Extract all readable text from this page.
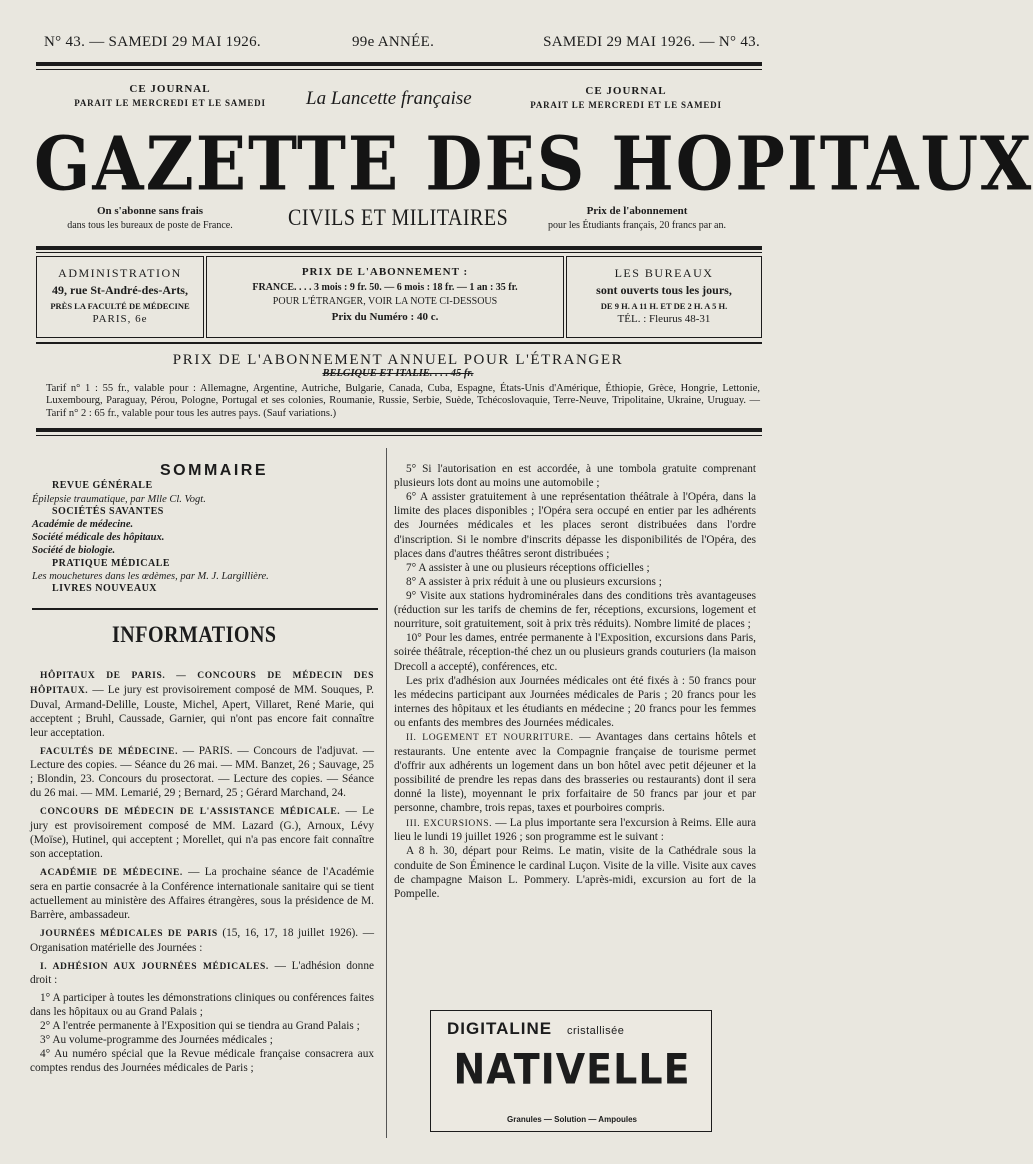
N° 43. — SAMEDI 29 MAI 1926.	99e ANNÉE.	SAMEDI 29 MAI 1926. — N° 43.
CE JOURNAL
PARAIT LE MERCREDI ET LE SAMEDI La Lancette française	CE JOURNAL
PARAIT LE MERCREDI ET LE SAMEDI
GAZETTE DES HOPITAUX
On s'abonne sans frais
dans tous les bureaux de poste de France.	CIVILS ET MILITAIRES	Prix de l'abonnement
pour les Étudiants français, 20 francs par an.
ADMINISTRATION
49, rue St-André-des-Arts,
PRÈS LA FACULTÉ DE MÉDECINE
PARIS, 6e
PRIX DE L'ABONNEMENT :
FRANCE. . . . 3 mois : 9 fr. 50. — 6 mois : 18 fr. — 1 an : 35 fr.
POUR L'ÉTRANGER, VOIR LA NOTE CI-DESSOUS
Prix du Numéro : 40 c.
LES BUREAUX
sont ouverts tous les jours,
DE 9 H. A 11 H. ET DE 2 H. A 5 H.
TÉL. : Fleurus 48-31
PRIX DE L'ABONNEMENT ANNUEL POUR L'ÉTRANGER
BELGIQUE ET ITALIE. . . . 45 fr.
Tarif n° 1 : 55 fr., valable pour : Allemagne, Argentine, Autriche, Bulgarie, Canada, Cuba, Espagne, États-Unis d'Amérique, Éthiopie, Grèce, Hongrie, Lettonie, Luxembourg, Paraguay, Pérou, Pologne, Portugal et ses colonies, Roumanie, Russie, Serbie, Suède, Tchécoslovaquie, Terre-Neuve, Tripolitaine, Ukraine, Uruguay. — Tarif n° 2 : 65 fr., valable pour tous les autres pays. (Sauf variations.)
SOMMAIRE
REVUE GÉNÉRALE
Épilepsie traumatique, par Mlle Cl. Vogt.
SOCIÉTÉS SAVANTES
Académie de médecine.
Société médicale des hôpitaux.
Société de biologie.
PRATIQUE MÉDICALE
Les mouchetures dans les œdèmes, par M. J. Largillière.
LIVRES NOUVEAUX
INFORMATIONS

HÔPITAUX DE PARIS. — CONCOURS DE MÉDECIN DES HÔPITAUX. — Le jury est provisoirement composé de MM. Souques, P. Duval, Armand-Delille, Louste, Michel, Apert, Villaret, René Marie, qui acceptent ; Bruhl, Caussade, Garnier, qui n'ont pas encore fait connaître leur acceptation.

FACULTÉS DE MÉDECINE. — PARIS. — Concours de l'adjuvat. — Lecture des copies. — Séance du 26 mai. — MM. Banzet, 26 ; Sauvage, 25 ; Blondin, 23. Concours du prosectorat. — Lecture des copies. — Séance du 26 mai. — MM. Lemarié, 29 ; Bernard, 25 ; Gérard Marchand, 24.

CONCOURS DE MÉDECIN DE L'ASSISTANCE MÉDICALE. — Le jury est provisoirement composé de MM. Lazard (G.), Arnoux, Lévy (Moïse), Hutinel, qui acceptent ; Morellet, qui n'a pas encore fait connaître son acceptation.

ACADÉMIE DE MÉDECINE. — La prochaine séance de l'Académie sera en partie consacrée à la Conférence internationale sanitaire qui se tient actuellement au ministère des Affaires étrangères, sous la présidence de M. Barrère, ambassadeur.

JOURNÉES MÉDICALES DE PARIS (15, 16, 17, 18 juillet 1926). — Organisation matérielle des Journées :

I. ADHÉSION AUX JOURNÉES MÉDICALES. — L'adhésion donne droit :

1° A participer à toutes les démonstrations cliniques ou conférences faites dans les hôpitaux ou au Grand Palais ;

2° A l'entrée permanente à l'Exposition qui se tiendra au Grand Palais ;

3° Au volume-programme des Journées médicales ;

4° Au numéro spécial que la Revue médicale française consacrera aux comptes rendus des Journées médicales de Paris ;

5° Si l'autorisation en est accordée, à une tombola gratuite comprenant plusieurs lots dont au moins une automobile ;

6° A assister gratuitement à une représentation théâtrale à l'Opéra, dans la limite des places disponibles ; l'Opéra sera occupé en entier par les adhérents des Journées médicales et les places seront distribuées dans l'ordre d'inscription. Si le nombre d'inscrits dépasse les disponibilités de l'Opéra, des places dans d'autres théâtres seront distribuées ;

7° A assister à une ou plusieurs réceptions officielles ;

8° A assister à prix réduit à une ou plusieurs excursions ;

9° Visite aux stations hydrominérales dans des conditions très avantageuses (réduction sur les tarifs de chemins de fer, réceptions, excursions, logement et nourriture, soit gratuitement, soit à prix très réduits). Nombre limité de places ;

10° Pour les dames, entrée permanente à l'Exposition, excursions dans Paris, soirée théâtrale, réception-thé chez un ou plusieurs grands couturiers (la maison Drecoll a accepté), conférences, etc.

Les prix d'adhésion aux Journées médicales ont été fixés à : 50 francs pour les médecins participant aux Journées médicales de Paris ; 20 francs pour les internes des hôpitaux et les étudiants en médecine ; 20 francs pour les femmes ou enfants des membres des Journées médicales.

II. LOGEMENT ET NOURRITURE. — Avantages dans certains hôtels et restaurants. Une entente avec la Compagnie française de tourisme permet d'offrir aux adhérents un logement dans un bon hôtel avec petit déjeuner et la possibilité de prendre les repas dans des brasseries ou restaurants) dont il sera donné la liste), moyennant le prix forfaitaire de 50 francs par jour et par personne, chambre, trois repas, taxes et pourboires compris.

III. EXCURSIONS. — La plus importante sera l'excursion à Reims. Elle aura lieu le lundi 19 juillet 1926 ; son programme est le suivant :

A 8 h. 30, départ pour Reims. Le matin, visite de la Cathédrale sous la conduite de Son Éminence le cardinal Luçon. Visite de la ville. Visite aux caves de champagne Maison L. Pommery. L'après-midi, excursion au fort de la Pompelle.

DIGITALINE cristallisée
NATIVELLE
Granules — Solution — Ampoules
